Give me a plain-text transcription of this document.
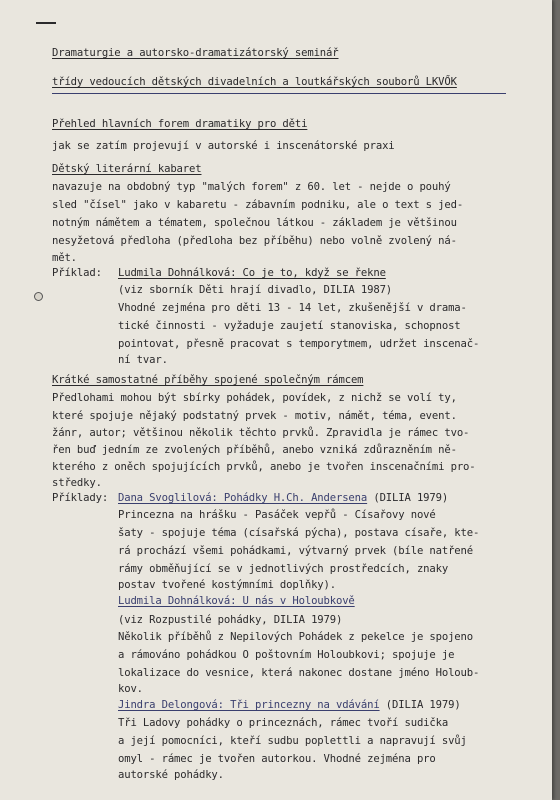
Dramaturgie a autorsko-dramatizátorský seminář

třídy vedoucích dětských divadelních a loutkářských souborů LKVŐK

Přehled hlavních forem dramatiky pro děti

jak se zatím projevují v autorské i inscenátorské praxi

Dětský literární kabaret

navazuje na obdobný typ "malých forem" z 60. let - nejde o pouhý

sled "čísel" jako v kabaretu - zábavním podniku, ale o text s jed-

notným námětem a tématem, společnou látkou - základem je většinou

nesyžetová předloha (předloha bez příběhu) nebo volně zvolený ná-

mět.

Příklad: Ludmila Dohnálková: Co je to, když se řekne

(viz sborník Děti hrají divadlo, DILIA 1987)

Vhodné zejména pro děti 13 - 14 let, zkušenější v drama-

tické činnosti - vyžaduje zaujetí stanoviska, schopnost

pointovat, přesně pracovat s temporytmem, udržet inscenač-

ní tvar.

Krátké samostatné příběhy spojené společným rámcem

Předlohami mohou být sbírky pohádek, povídek, z nichž se volí ty,

které spojuje nějaký podstatný prvek - motiv, námět, téma, event.

žánr, autor; většinou několik těchto prvků. Zpravidla je rámec tvo-

řen buď jedním ze zvolených příběhů, anebo vzniká zdůrazněním ně-

kterého z oněch spojujících prvků, anebo je tvořen inscenačními pro-

středky.

Příklady: Dana Svoglilová: Pohádky H.Ch. Andersena (DILIA 1979)

Princezna na hrášku - Pasáček vepřů - Císařovy nové

šaty - spojuje téma (císařská pýcha), postava císaře, kte-

rá prochází všemi pohádkami, výtvarný prvek (bíle natřené

rámy obměňující se v jednotlivých prostředcích, znaky

postav tvořené kostýmními doplňky).

Ludmila Dohnálková: U nás v Holoubkově

(viz Rozpustilé pohádky, DILIA 1979)

Několik příběhů z Nepilových Pohádek z pekelce je spojeno

a rámováno pohádkou O poštovním Holoubkovi; spojuje je

lokalizace do vesnice, která nakonec dostane jméno Holoub-

kov.

Jindra Delongová: Tři princezny na vdávání (DILIA 1979)

Tři Ladovy pohádky o princeznách, rámec tvoří sudička

a její pomocníci, kteří sudbu poplettli a napravují svůj

omyl - rámec je tvořen autorkou. Vhodné zejména pro

autorské pohádky.
